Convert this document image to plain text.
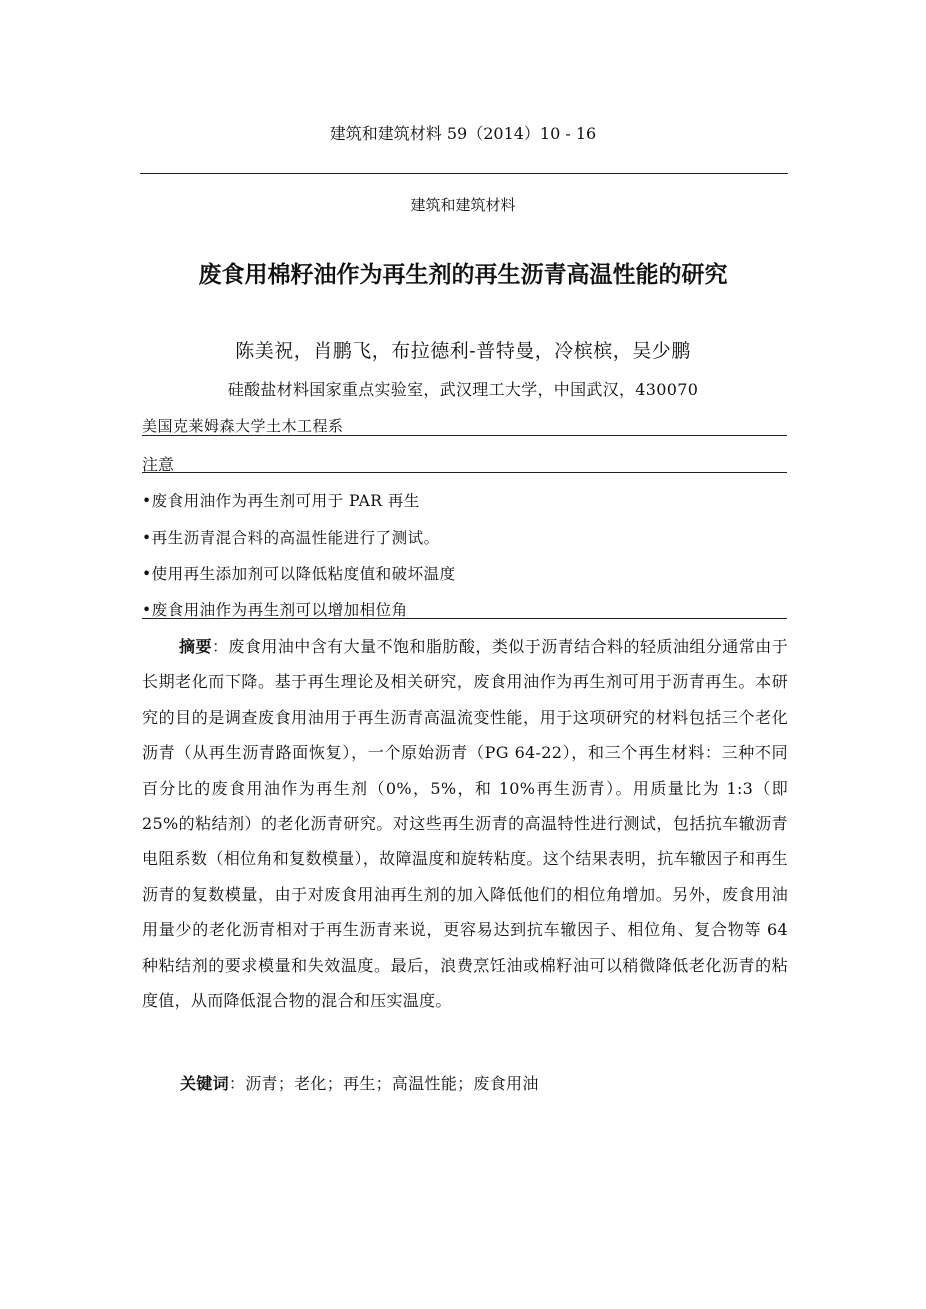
建筑和建筑材料 59（2014）10 - 16
建筑和建筑材料
废食用棉籽油作为再生剂的再生沥青高温性能的研究
陈美祝，肖鹏飞，布拉德利-普特曼，冷槟槟，吴少鹏
硅酸盐材料国家重点实验室，武汉理工大学，中国武汉，430070
美国克莱姆森大学土木工程系
注意
•废食用油作为再生剂可用于 PAR 再生
•再生沥青混合料的高温性能进行了测试。
•使用再生添加剂可以降低粘度值和破坏温度
•废食用油作为再生剂可以增加相位角
摘要：废食用油中含有大量不饱和脂肪酸，类似于沥青结合料的轻质油组分通常由于长期老化而下降。基于再生理论及相关研究，废食用油作为再生剂可用于沥青再生。本研究的目的是调查废食用油用于再生沥青高温流变性能，用于这项研究的材料包括三个老化沥青（从再生沥青路面恢复），一个原始沥青（PG 64-22），和三个再生材料：三种不同百分比的废食用油作为再生剂（0%，5%，和 10%再生沥青）。用质量比为 1:3（即 25%的粘结剂）的老化沥青研究。对这些再生沥青的高温特性进行测试，包括抗车辙沥青电阻系数（相位角和复数模量），故障温度和旋转粘度。这个结果表明，抗车辙因子和再生沥青的复数模量，由于对废食用油再生剂的加入降低他们的相位角增加。另外，废食用油用量少的老化沥青相对于再生沥青来说，更容易达到抗车辙因子、相位角、复合物等 64 种粘结剂的要求模量和失效温度。最后，浪费烹饪油或棉籽油可以稍微降低老化沥青的粘度值，从而降低混合物的混合和压实温度。
关键词：沥青；老化；再生；高温性能；废食用油
